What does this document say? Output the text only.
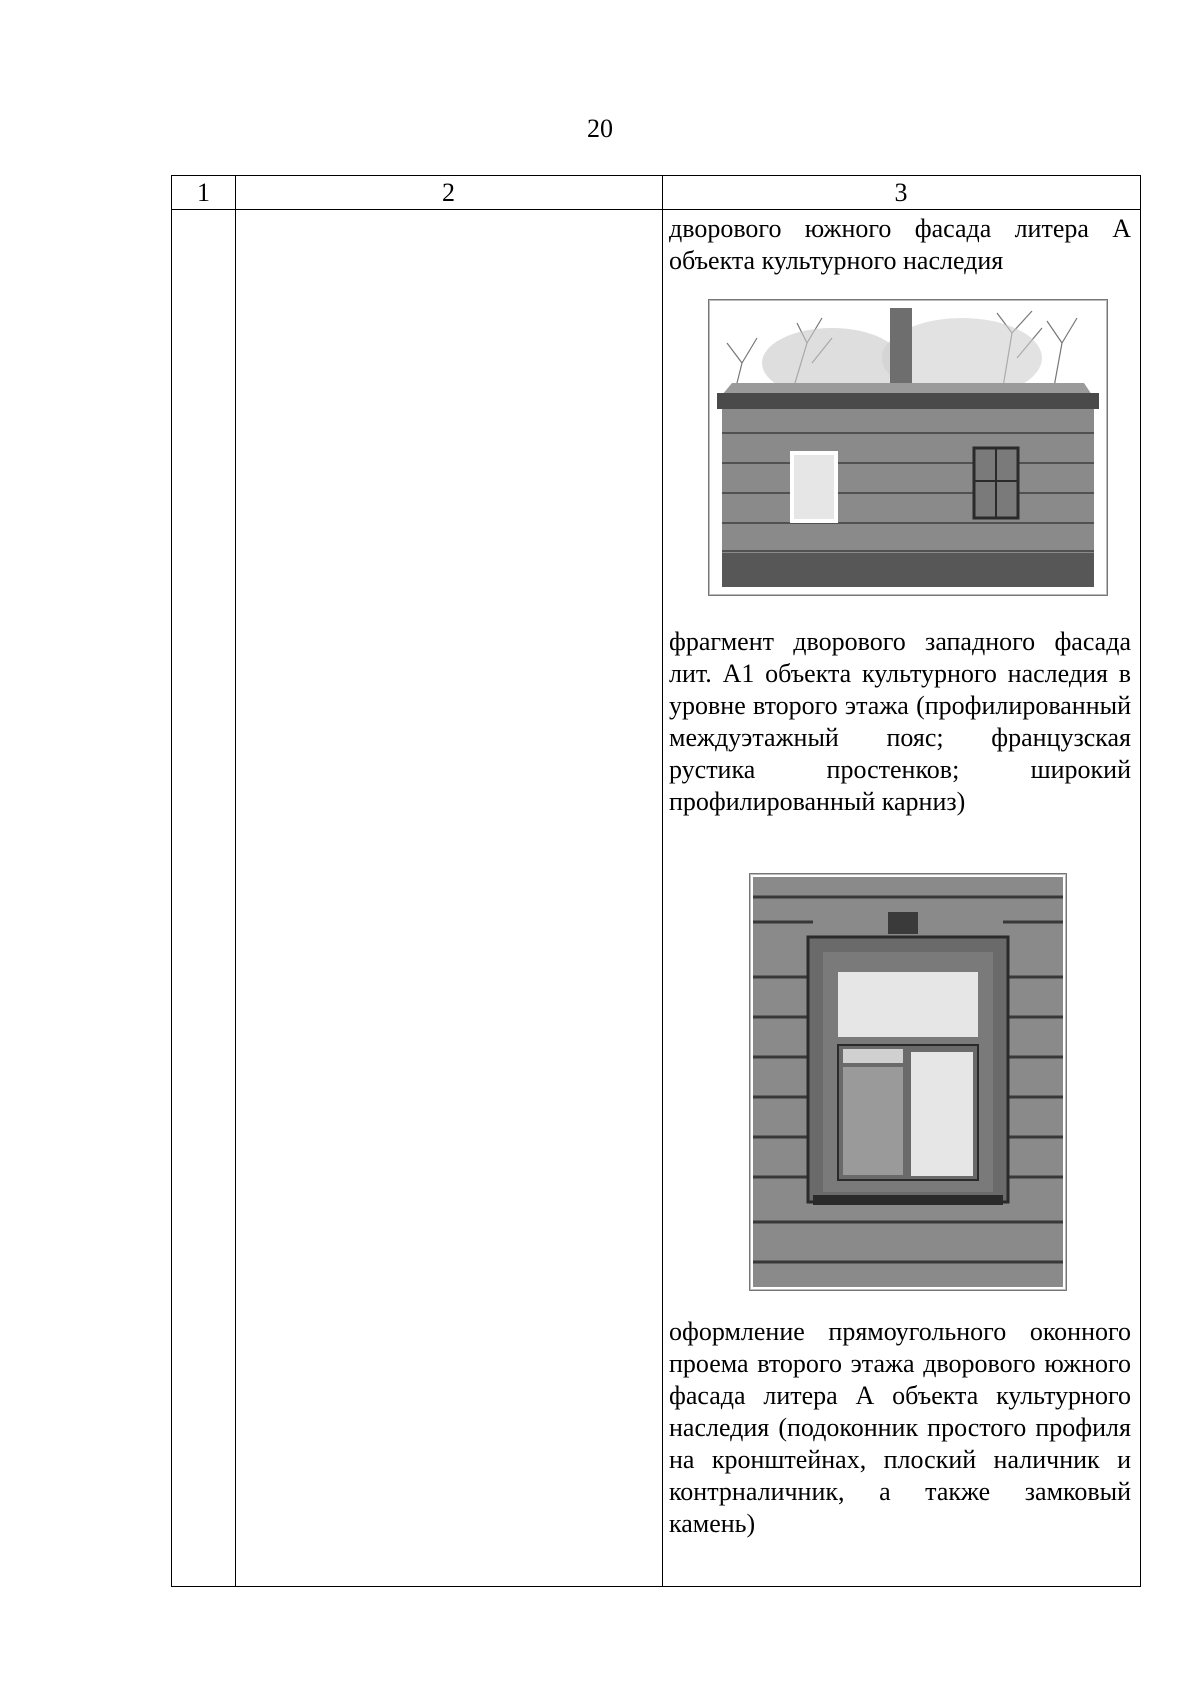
20
1	2	3
дворового южного фасада литера А объекта культурного наследия
фрагмент дворового западного фасада лит. А1 объекта культурного наследия в уровне второго этажа (профилированный междуэтажный пояс; французская рустика простенков; широкий профилированный карниз)
оформление прямоугольного оконного проема второго этажа дворового южного фасада литера А объекта культурного наследия (подоконник простого профиля на кронштейнах, плоский наличник и контрналичник, а также замковый камень)
